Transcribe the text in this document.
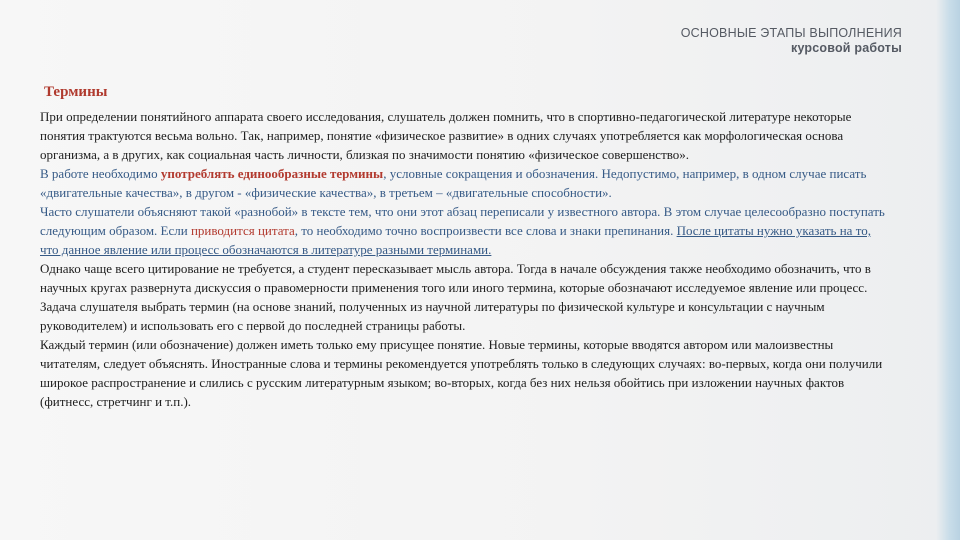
ОСНОВНЫЕ ЭТАПЫ ВЫПОЛНЕНИЯ
курсовой работы
Термины

При определении понятийного аппарата своего исследования, слушатель должен помнить, что в спортивно-педагогической литературе некоторые понятия трактуются весьма вольно. Так, например, понятие «физическое развитие» в одних случаях употребляется как морфологическая основа организма, а в других, как социальная часть личности, близкая по значимости понятию «физическое совершенство».

В работе необходимо употреблять единообразные термины, условные сокращения и обозначения. Недопустимо, например, в одном случае писать «двигательные качества», в другом - «физические качества», в третьем – «двигательные способности».

Часто слушатели объясняют такой «разнобой» в тексте тем, что они этот абзац переписали у известного автора. В этом случае целесообразно поступать следующим образом. Если приводится цитата, то необходимо точно воспроизвести все слова и знаки препинания. После цитаты нужно указать на то, что данное явление или процесс обозначаются в литературе разными терминами.

Однако чаще всего цитирование не требуется, а студент пересказывает мысль автора. Тогда в начале обсуждения также необходимо обозначить, что в научных кругах развернута дискуссия о правомерности применения того или иного термина, которые обозначают исследуемое явление или процесс. Задача слушателя выбрать термин (на основе знаний, полученных из научной литературы по физической культуре и консультации с научным руководителем) и использовать его с первой до последней страницы работы.

Каждый термин (или обозначение) должен иметь только ему присущее понятие. Новые термины, которые вводятся автором или малоизвестны читателям, следует объяснять. Иностранные слова и термины рекомендуется употреблять только в следующих случаях: во-первых, когда они получили широкое распространение и слились с русским литературным языком; во-вторых, когда без них нельзя обойтись при изложении научных фактов (фитнесс, стретчинг и т.п.).
